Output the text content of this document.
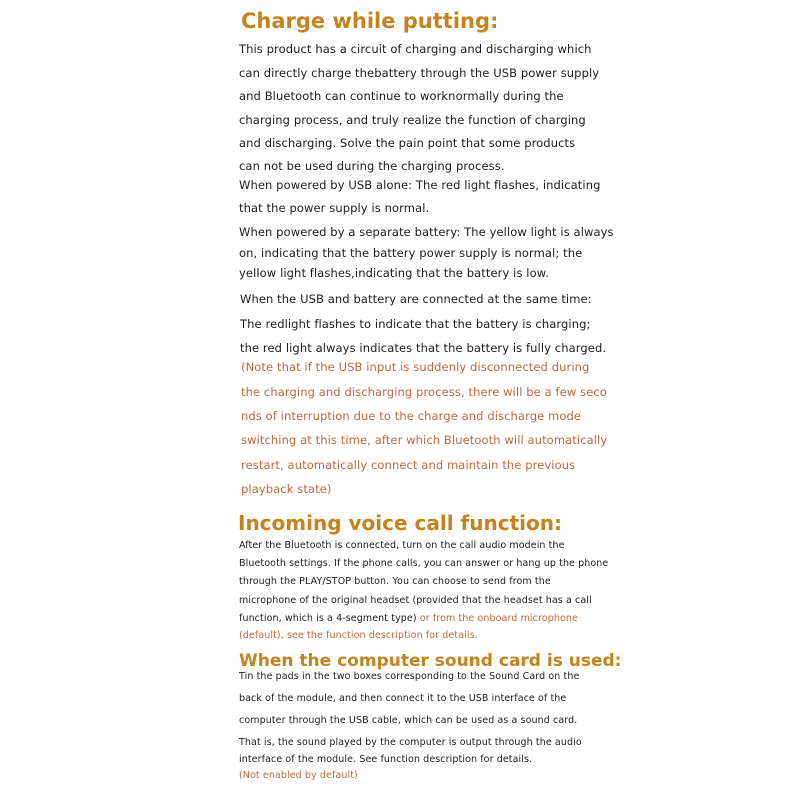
Charge while putting:
This product has a circuit of charging and discharging which
can directly charge thebattery through the USB power supply
and Bluetooth can continue to worknormally during the
charging process, and truly realize the function of charging
and discharging. Solve the pain point that some products
can not be used during the charging process.
When powered by USB alone: The red light flashes, indicating
that the power supply is normal.
When powered by a separate battery: The yellow light is always
on, indicating that the battery power supply is normal; the
yellow light flashes,indicating that the battery is low.
When the USB and battery are connected at the same time:
The redlight flashes to indicate that the battery is charging;
the red light always indicates that the battery is fully charged.
(Note that if the USB input is suddenly disconnected during
the charging and discharging process, there will be a few seco
nds of interruption due to the charge and discharge mode
switching at this time, after which Bluetooth will automatically
restart, automatically connect and maintain the previous
playback state)
Incoming voice call function:
After the Bluetooth is connected, turn on the call audio modein the
Bluetooth settings. If the phone calls, you can answer or hang up the phone
through the PLAY/STOP button. You can choose to send from the
microphone of the original headset (provided that the headset has a call
function, which is a 4-segment type) or from the onboard microphone
(default), see the function description for details.
When the computer sound card is used:
Tin the pads in the two boxes corresponding to the Sound Card on the
back of the module, and then connect it to the USB interface of the
computer through the USB cable, which can be used as a sound card.
That is, the sound played by the computer is output through the audio
interface of the module. See function description for details.
(Not enabled by default)
